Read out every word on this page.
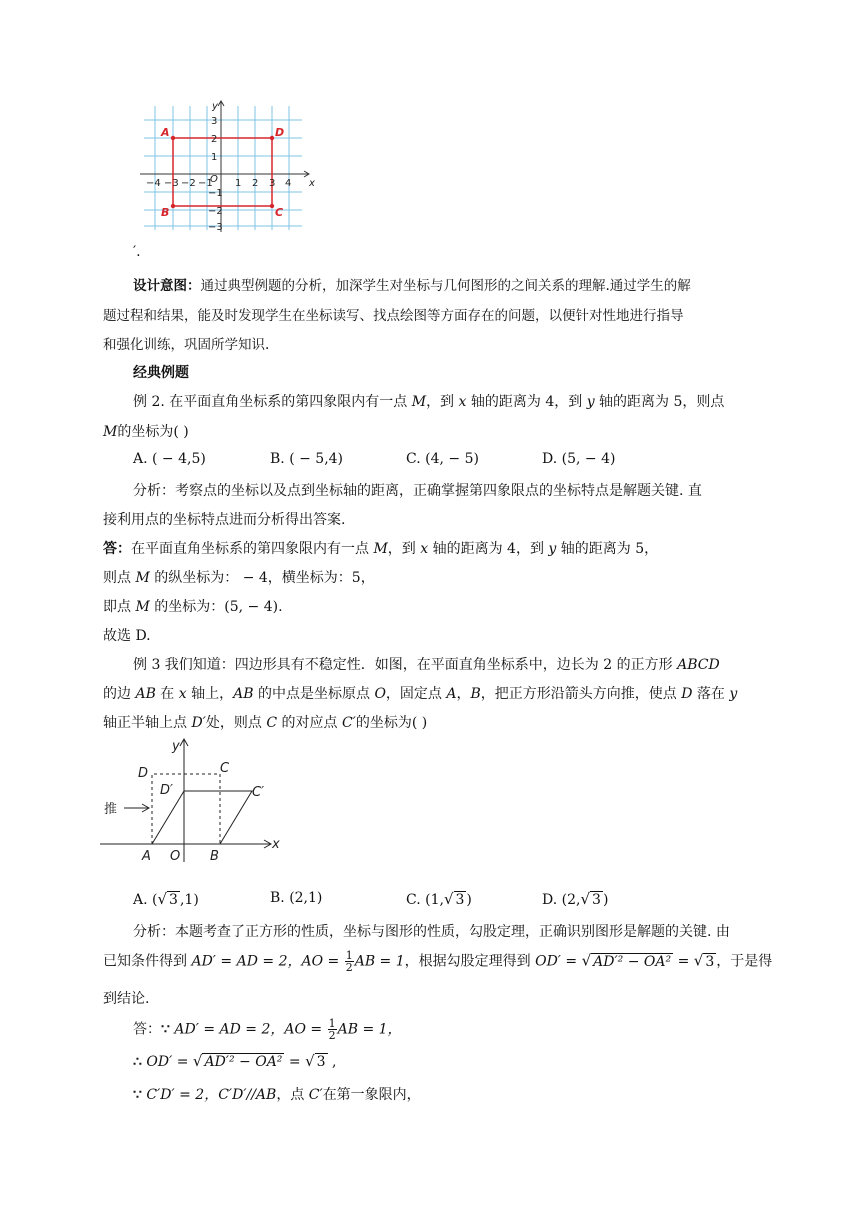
−4 −3 −2 −1 1 2 3 4
3
2
1
−1
−2
−3
O	x
y
A	D
B	C
′.
设计意图：通过典型例题的分析，加深学生对坐标与几何图形的之间关系的理解.通过学生的解
题过程和结果，能及时发现学生在坐标读写、找点绘图等方面存在的问题，以便针对性地进行指导
和强化训练，巩固所学知识.
经典例题
例 2. 在平面直角坐标系的第四象限内有一点 M，到 x 轴的距离为 4，到 y 轴的距离为 5，则点
M的坐标为( )
A. ( − 4,5)	B. ( − 5,4)	C. (4, − 5)	D. (5, − 4)
分析：考察点的坐标以及点到坐标轴的距离，正确掌握第四象限点的坐标特点是解题关键. 直
接利用点的坐标特点进而分析得出答案.
答：在平面直角坐标系的第四象限内有一点 M，到 x 轴的距离为 4，到 y 轴的距离为 5，
则点 M 的纵坐标为： − 4，横坐标为：5，
即点 M 的坐标为：(5, − 4).
故选 D.
例 3 我们知道：四边形具有不稳定性．如图，在平面直角坐标系中，边长为 2 的正方形 ABCD
的边 AB 在 x 轴上，AB 的中点是坐标原点 O，固定点 A，B，把正方形沿箭头方向推，使点 D 落在 y
轴正半轴上点 D′处，则点 C 的对应点 C′的坐标为( )
y
x
D	C
D′	C′
A O B
推
A. (√ 3 ,1)	B. (2,1)	C. (1,√ 3 )	D. (2,√ 3 )
分析：本题考查了正方形的性质，坐标与图形的性质，勾股定理，正确识别图形是解题的关键. 由
已知条件得到 AD′ = AD = 2，AO = $\frac{1}{2}$ AB = 1，根据勾股定理得到 OD′ = √ AD′² − OA² = √ 3 ，于是得
到结论.
答：∵ AD′ = AD = 2，AO = $\frac{1}{2}$ AB = 1，
∴ OD′ = √ AD′² − OA² = √ 3 ,
∵ C′D′ = 2，C′D′//AB，点 C′在第一象限内，
